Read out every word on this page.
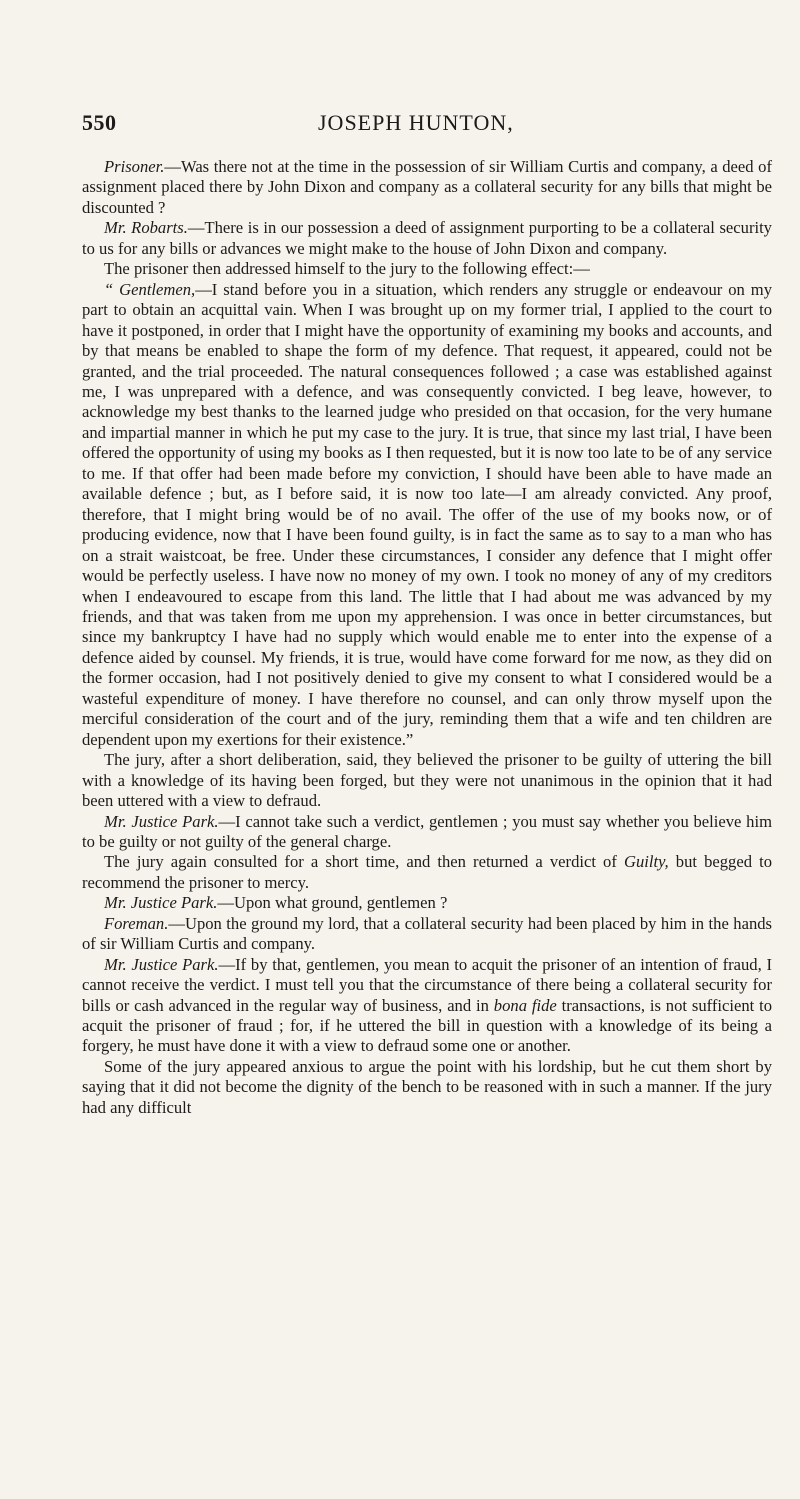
550	JOSEPH HUNTON,

Prisoner.—Was there not at the time in the possession of sir William Curtis and company, a deed of assignment placed there by John Dixon and company as a collateral security for any bills that might be discounted ?

Mr. Robarts.—There is in our possession a deed of assignment purporting to be a collateral security to us for any bills or advances we might make to the house of John Dixon and company.

The prisoner then addressed himself to the jury to the following effect:—

“ Gentlemen,—I stand before you in a situation, which renders any struggle or endeavour on my part to obtain an acquittal vain. When I was brought up on my former trial, I applied to the court to have it postponed, in order that I might have the opportunity of examining my books and accounts, and by that means be enabled to shape the form of my defence. That request, it appeared, could not be granted, and the trial proceeded. The natural consequences followed ; a case was established against me, I was unprepared with a defence, and was consequently convicted. I beg leave, however, to acknowledge my best thanks to the learned judge who presided on that occasion, for the very humane and impartial manner in which he put my case to the jury. It is true, that since my last trial, I have been offered the opportunity of using my books as I then requested, but it is now too late to be of any service to me. If that offer had been made before my conviction, I should have been able to have made an available defence ; but, as I before said, it is now too late—I am already convicted. Any proof, therefore, that I might bring would be of no avail. The offer of the use of my books now, or of producing evidence, now that I have been found guilty, is in fact the same as to say to a man who has on a strait waistcoat, be free. Under these circumstances, I consider any defence that I might offer would be perfectly useless. I have now no money of my own. I took no money of any of my creditors when I endeavoured to escape from this land. The little that I had about me was advanced by my friends, and that was taken from me upon my apprehension. I was once in better circumstances, but since my bankruptcy I have had no supply which would enable me to enter into the expense of a defence aided by counsel. My friends, it is true, would have come forward for me now, as they did on the former occasion, had I not positively denied to give my consent to what I considered would be a wasteful expenditure of money. I have therefore no counsel, and can only throw myself upon the merciful consideration of the court and of the jury, reminding them that a wife and ten children are dependent upon my exertions for their existence.”

The jury, after a short deliberation, said, they believed the prisoner to be guilty of uttering the bill with a knowledge of its having been forged, but they were not unanimous in the opinion that it had been uttered with a view to defraud.

Mr. Justice Park.—I cannot take such a verdict, gentlemen ; you must say whether you believe him to be guilty or not guilty of the general charge.

The jury again consulted for a short time, and then returned a verdict of Guilty, but begged to recommend the prisoner to mercy.

Mr. Justice Park.—Upon what ground, gentlemen ?

Foreman.—Upon the ground my lord, that a collateral security had been placed by him in the hands of sir William Curtis and company.

Mr. Justice Park.—If by that, gentlemen, you mean to acquit the prisoner of an intention of fraud, I cannot receive the verdict. I must tell you that the circumstance of there being a collateral security for bills or cash advanced in the regular way of business, and in bona fide transactions, is not sufficient to acquit the prisoner of fraud ; for, if he uttered the bill in question with a knowledge of its being a forgery, he must have done it with a view to defraud some one or another.

Some of the jury appeared anxious to argue the point with his lordship, but he cut them short by saying that it did not become the dignity of the bench to be reasoned with in such a manner. If the jury had any difficult
